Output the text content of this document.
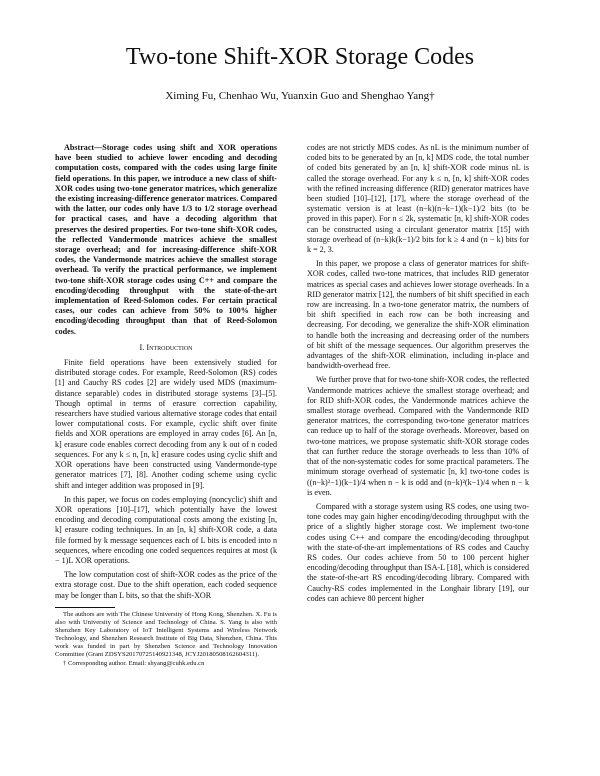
Two-tone Shift-XOR Storage Codes
Ximing Fu, Chenhao Wu, Yuanxin Guo and Shenghao Yang†

Abstract—Storage codes using shift and XOR operations have been studied to achieve lower encoding and decoding computation costs, compared with the codes using large finite field operations. In this paper, we introduce a new class of shift-XOR codes using two-tone generator matrices, which generalize the existing increasing-difference generator matrices. Compared with the latter, our codes only have 1/3 to 1/2 storage overhead for practical cases, and have a decoding algorithm that preserves the desired properties. For two-tone shift-XOR codes, the reflected Vandermonde matrices achieve the smallest storage overhead; and for increasing-difference shift-XOR codes, the Vandermonde matrices achieve the smallest storage overhead. To verify the practical performance, we implement two-tone shift-XOR storage codes using C++ and compare the encoding/decoding throughput with the state-of-the-art implementation of Reed-Solomon codes. For certain practical cases, our codes can achieve from 50% to 100% higher encoding/decoding throughput than that of Reed-Solomon codes.

I. Introduction

Finite field operations have been extensively studied for distributed storage codes. For example, Reed-Solomon (RS) codes [1] and Cauchy RS codes [2] are widely used MDS (maximum-distance separable) codes in distributed storage systems [3]–[5]. Though optimal in terms of erasure correction capability, researchers have studied various alternative storage codes that entail lower computational costs. For example, cyclic shift over finite fields and XOR operations are employed in array codes [6]. An [n, k] erasure code enables correct decoding from any k out of n coded sequences. For any k ≤ n, [n, k] erasure codes using cyclic shift and XOR operations have been constructed using Vandermonde-type generator matrices [7], [8]. Another coding scheme using cyclic shift and integer addition was proposed in [9].

In this paper, we focus on codes employing (noncyclic) shift and XOR operations [10]–[17], which potentially have the lowest encoding and decoding computational costs among the existing [n, k] erasure coding techniques. In an [n, k] shift-XOR code, a data file formed by k message sequences each of L bits is encoded into n sequences, where encoding one coded sequences requires at most (k − 1)L XOR operations.

The low computation cost of shift-XOR codes as the price of the extra storage cost. Due to the shift operation, each coded sequence may be longer than L bits, so that the shift-XOR

The authors are with The Chinese University of Hong Kong, Shenzhen. X. Fu is also with University of Science and Technology of China. S. Yang is also with Shenzhen Key Laboratory of IoT Intelligent Systems and Wireless Network Technology, and Shenzhen Research Institute of Big Data, Shenzhen, China. This work was funded in part by Shenzhen Science and Technology Innovation Committee (Grant ZDSYS20170725140921348, JCYJ20180508162604311).

† Corresponding author. Email: shyang@cuhk.edu.cn

codes are not strictly MDS codes. As nL is the minimum number of coded bits to be generated by an [n, k] MDS code, the total number of coded bits generated by an [n, k] shift-XOR code minus nL is called the storage overhead. For any k ≤ n, [n, k] shift-XOR codes with the refined increasing difference (RID) generator matrices have been studied [10]–[12], [17], where the storage overhead of the systematic version is at least (n−k)(n−k−1)(k−1)/2 bits (to be proved in this paper). For n ≤ 2k, systematic [n, k] shift-XOR codes can be constructed using a circulant generator matrix [15] with storage overhead of (n−k)k(k−1)/2 bits for k ≥ 4 and (n − k) bits for k = 2, 3.

In this paper, we propose a class of generator matrices for shift-XOR codes, called two-tone matrices, that includes RID generator matrices as special cases and achieves lower storage overheads. In a RID generator matrix [12], the numbers of bit shift specified in each row are increasing. In a two-tone generator matrix, the numbers of bit shift specified in each row can be both increasing and decreasing. For decoding, we generalize the shift-XOR elimination to handle both the increasing and decreasing order of the numbers of bit shift of the message sequences. Our algorithm preserves the advantages of the shift-XOR elimination, including in-place and bandwidth-overhead free.

We further prove that for two-tone shift-XOR codes, the reflected Vandermonde matrices achieve the smallest storage overhead; and for RID shift-XOR codes, the Vandermonde matrices achieve the smallest storage overhead. Compared with the Vandermonde RID generator matrices, the corresponding two-tone generator matrices can reduce up to half of the storage overheads. Moreover, based on two-tone matrices, we propose systematic shift-XOR storage codes that can further reduce the storage overheads to less than 10% of that of the non-systematic codes for some practical parameters. The minimum storage overhead of systematic [n, k] two-tone codes is ((n−k)²−1)(k−1)/4 when n − k is odd and (n−k)²(k−1)/4 when n − k is even.

Compared with a storage system using RS codes, one using two-tone codes may gain higher encoding/decoding throughput with the price of a slightly higher storage cost. We implement two-tone codes using C++ and compare the encoding/decoding throughput with the state-of-the-art implementations of RS codes and Cauchy RS codes. Our codes achieve from 50 to 100 percent higher encoding/decoding throughput than ISA-L [18], which is considered the state-of-the-art RS encoding/decoding library. Compared with Cauchy-RS codes implemented in the Longhair library [19], our codes can achieve 80 percent higher
